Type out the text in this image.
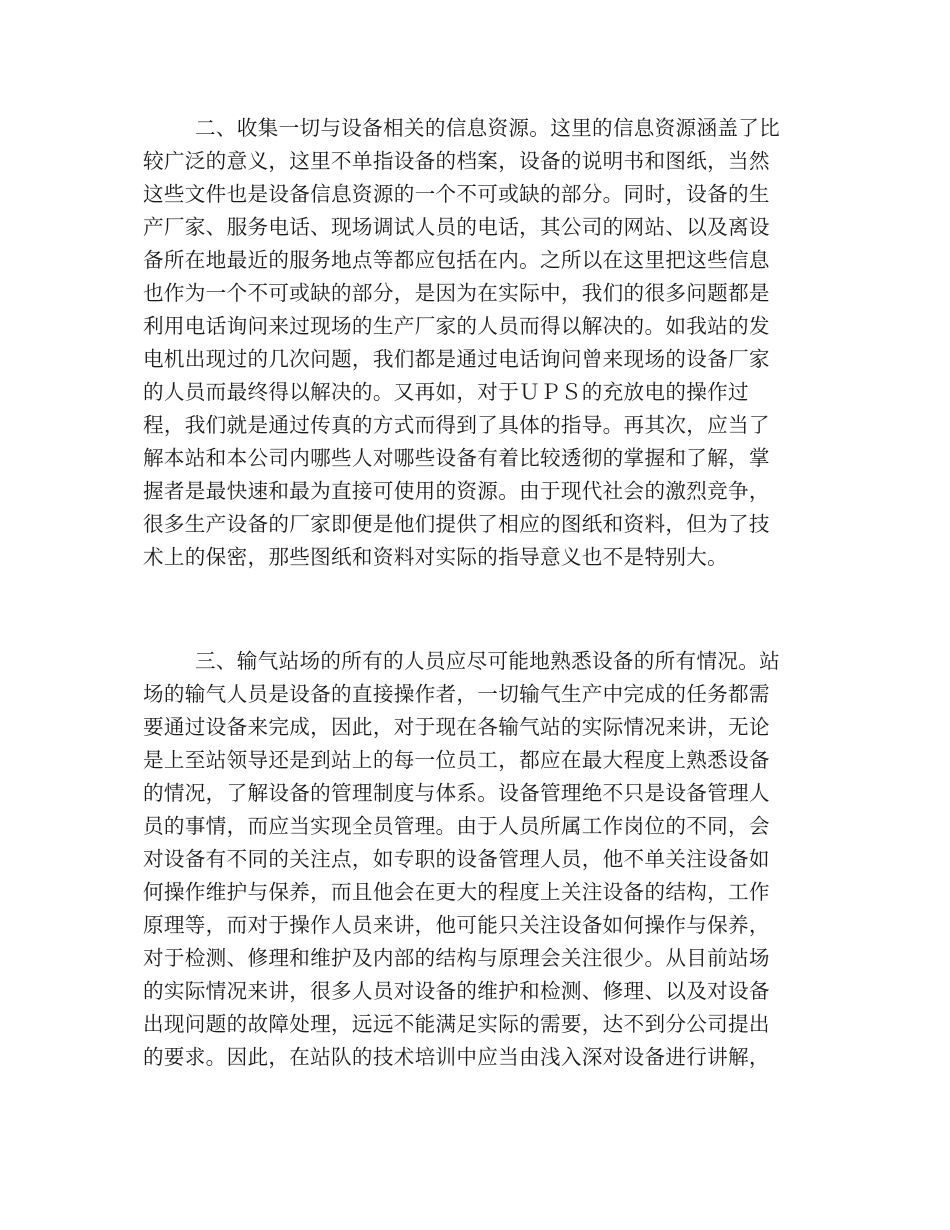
二、收集一切与设备相关的信息资源。这里的信息资源涵盖了比
较广泛的意义，这里不单指设备的档案，设备的说明书和图纸，当然
这些文件也是设备信息资源的一个不可或缺的部分。同时，设备的生
产厂家、服务电话、现场调试人员的电话，其公司的网站、以及离设
备所在地最近的服务地点等都应包括在内。之所以在这里把这些信息
也作为一个不可或缺的部分，是因为在实际中，我们的很多问题都是
利用电话询问来过现场的生产厂家的人员而得以解决的。如我站的发
电机出现过的几次问题，我们都是通过电话询问曾来现场的设备厂家
的人员而最终得以解决的。又再如，对于ＵＰＳ的充放电的操作过
程，我们就是通过传真的方式而得到了具体的指导。再其次，应当了
解本站和本公司内哪些人对哪些设备有着比较透彻的掌握和了解，掌
握者是最快速和最为直接可使用的资源。由于现代社会的激烈竞争，
很多生产设备的厂家即便是他们提供了相应的图纸和资料，但为了技
术上的保密，那些图纸和资料对实际的指导意义也不是特别大。
三、输气站场的所有的人员应尽可能地熟悉设备的所有情况。站
场的输气人员是设备的直接操作者，一切输气生产中完成的任务都需
要通过设备来完成，因此，对于现在各输气站的实际情况来讲，无论
是上至站领导还是到站上的每一位员工，都应在最大程度上熟悉设备
的情况，了解设备的管理制度与体系。设备管理绝不只是设备管理人
员的事情，而应当实现全员管理。由于人员所属工作岗位的不同，会
对设备有不同的关注点，如专职的设备管理人员，他不单关注设备如
何操作维护与保养，而且他会在更大的程度上关注设备的结构，工作
原理等，而对于操作人员来讲，他可能只关注设备如何操作与保养，
对于检测、修理和维护及内部的结构与原理会关注很少。从目前站场
的实际情况来讲，很多人员对设备的维护和检测、修理、以及对设备
出现问题的故障处理，远远不能满足实际的需要，达不到分公司提出
的要求。因此，在站队的技术培训中应当由浅入深对设备进行讲解，
